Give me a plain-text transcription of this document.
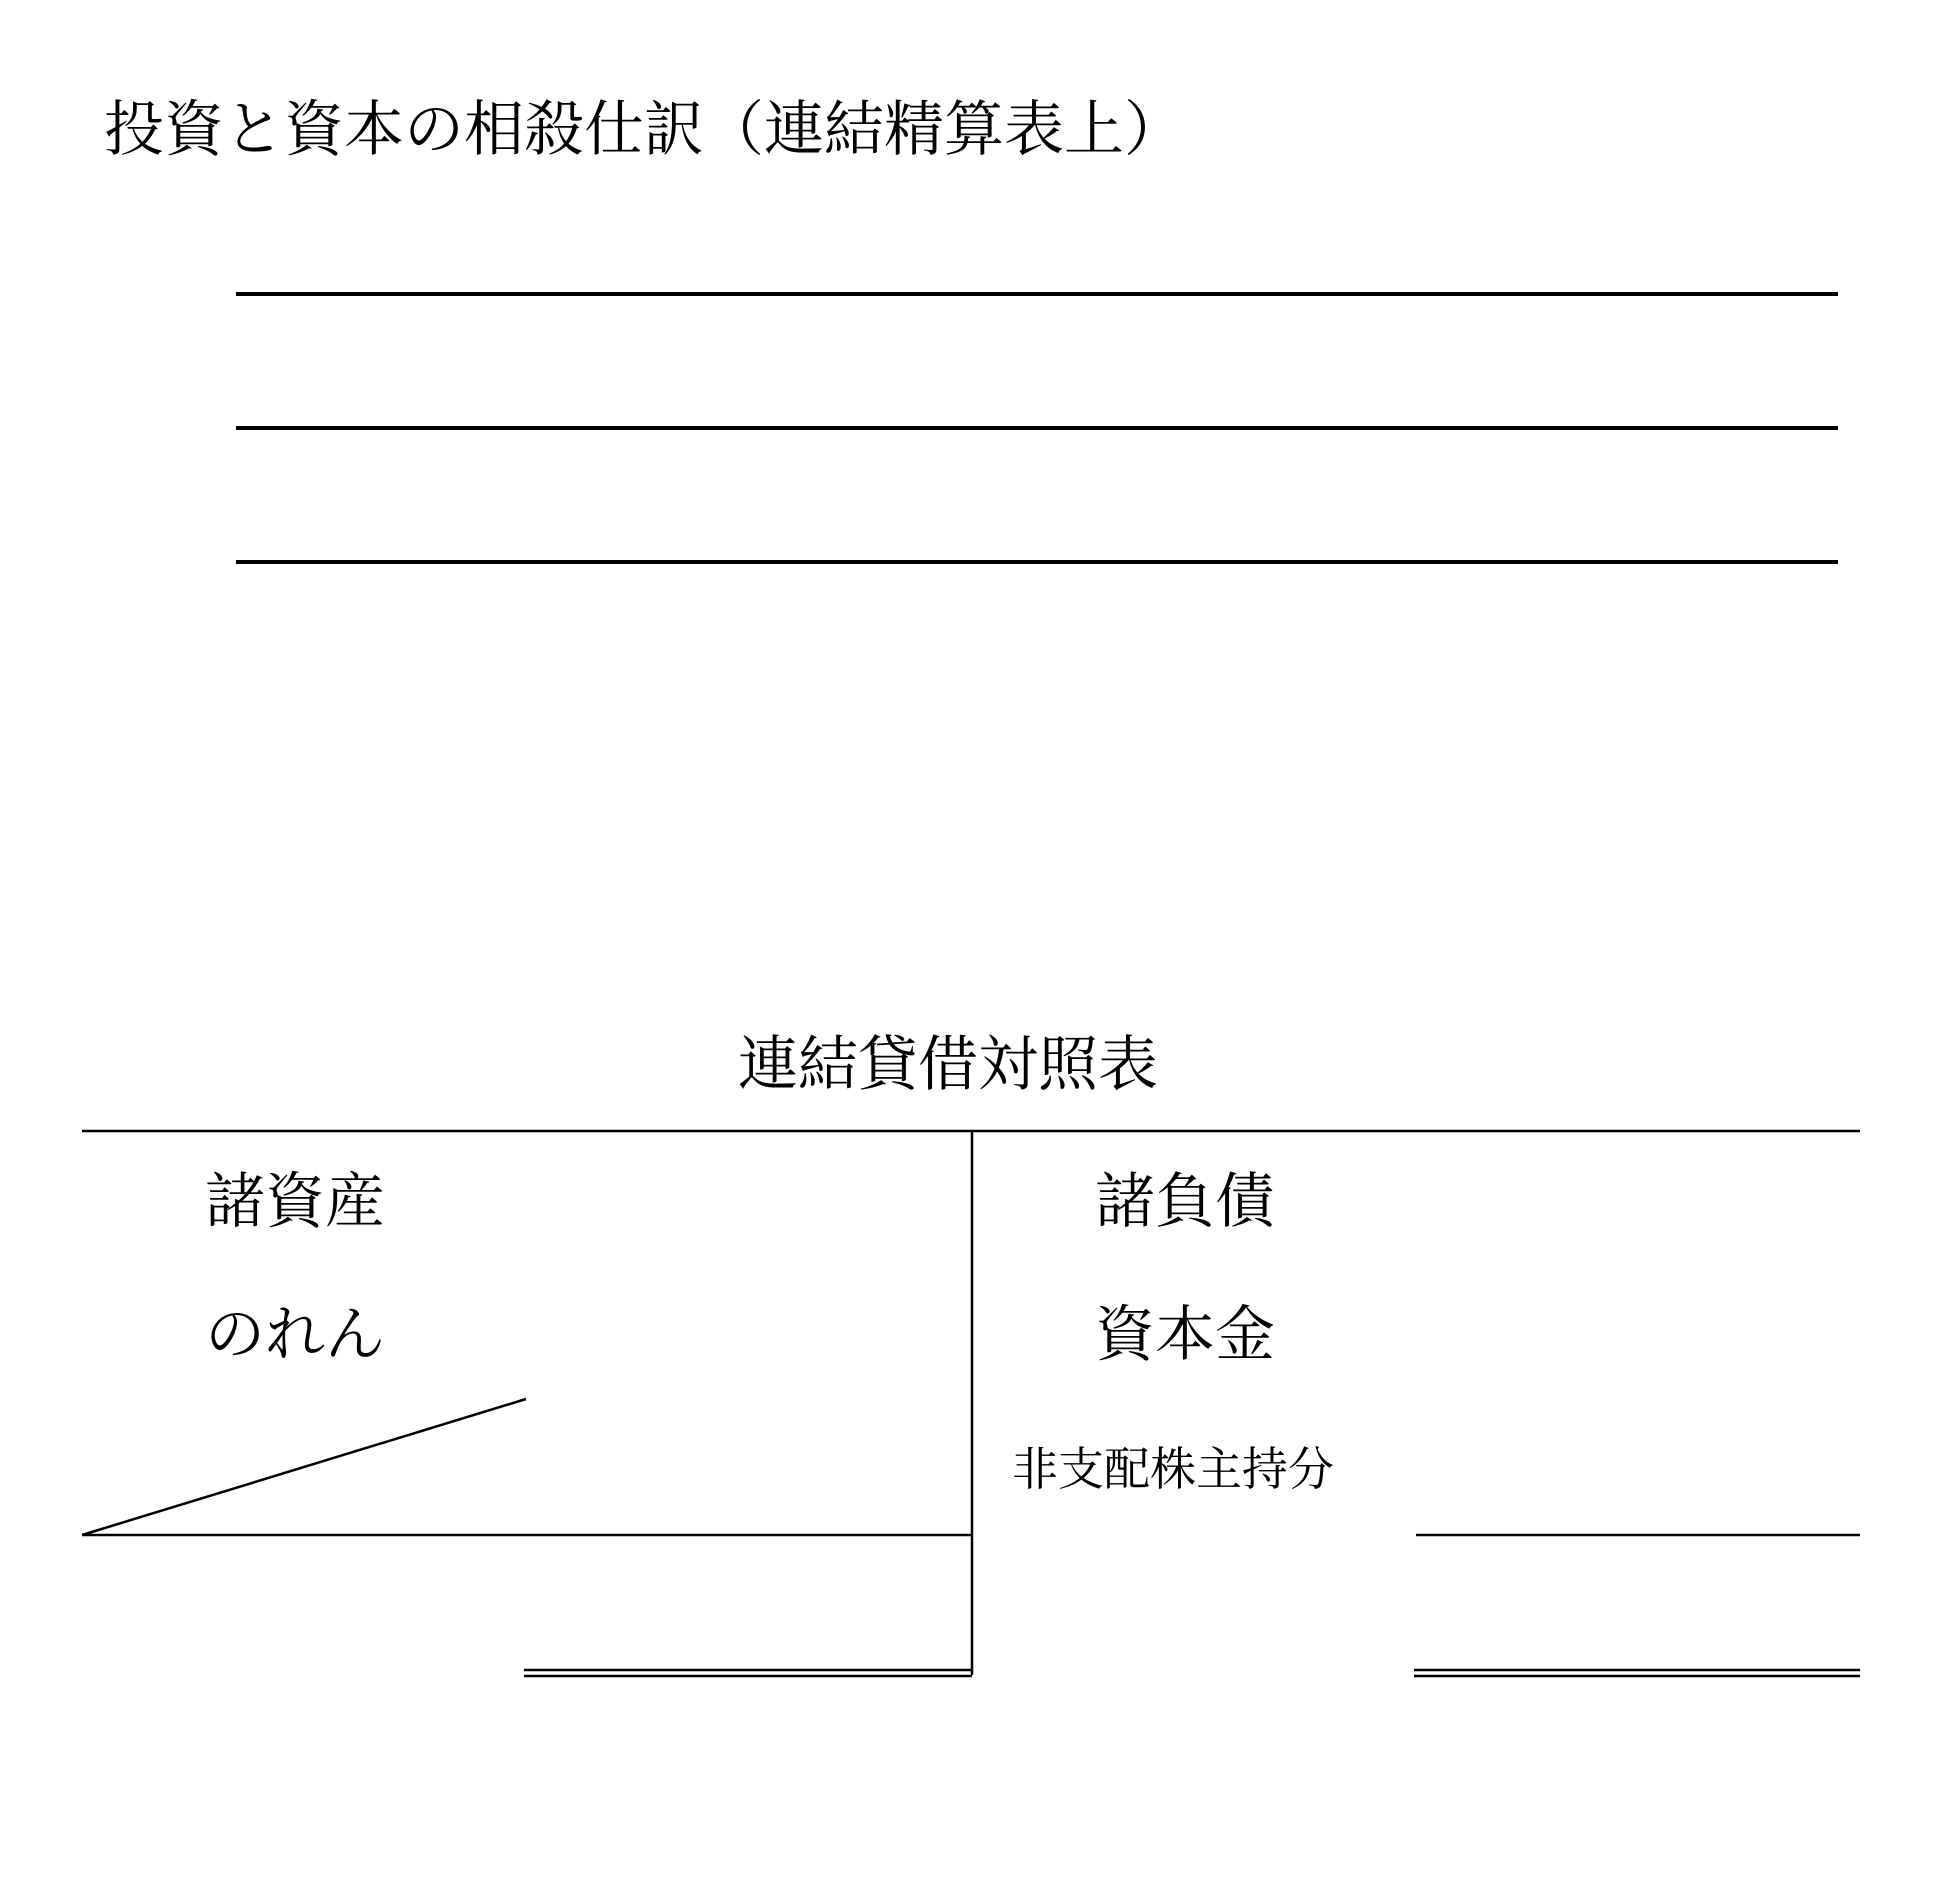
投資と資本の相殺仕訳（連結精算表上）
連結貸借対照表
諸資産
のれん
諸負債
資本金
非支配株主持分
